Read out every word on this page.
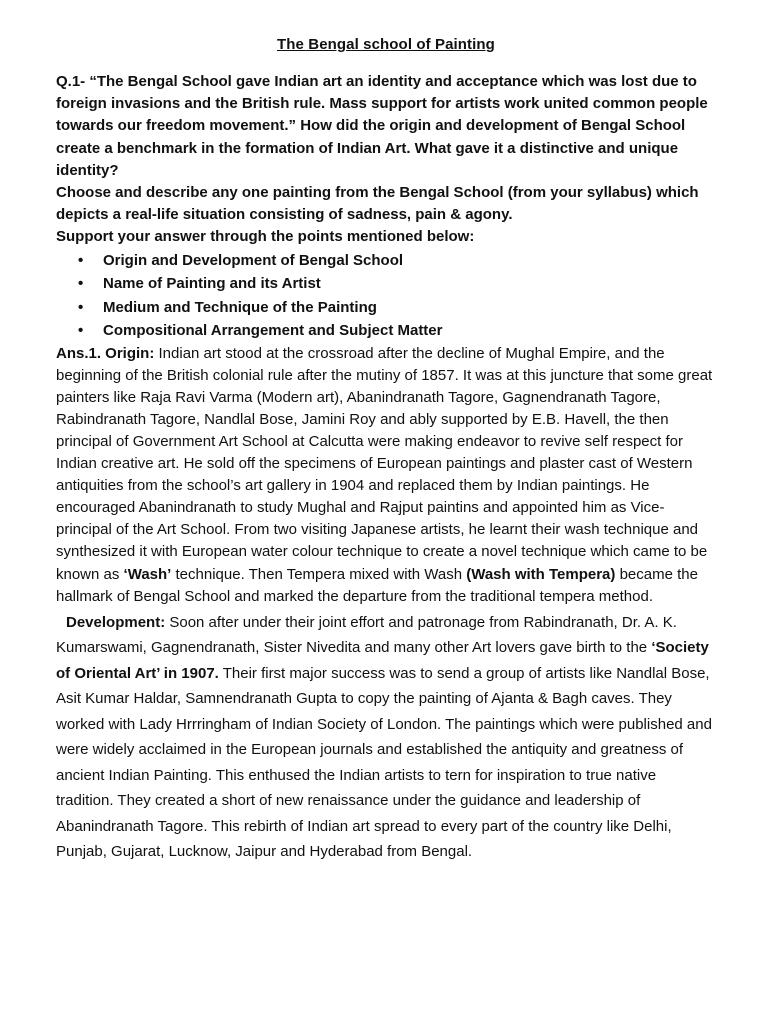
The Bengal school of Painting

Q.1- “The Bengal School gave Indian art an identity and acceptance which was lost due to foreign invasions and the British rule. Mass support for artists work united common people towards our freedom movement.” How did the origin and development of Bengal School create a benchmark in the formation of Indian Art. What gave it a distinctive and unique identity?

Choose and describe any one painting from the Bengal School (from your syllabus) which depicts a real-life situation consisting of sadness, pain & agony.

Support your answer through the points mentioned below:

• Origin and Development of Bengal School
• Name of Painting and its Artist
• Medium and Technique of the Painting
• Compositional Arrangement and Subject Matter

Ans.1. Origin: Indian art stood at the crossroad after the decline of Mughal Empire, and the beginning of the British colonial rule after the mutiny of 1857. It was at this juncture that some great painters like Raja Ravi Varma (Modern art), Abanindranath Tagore, Gagnendranath Tagore, Rabindranath Tagore, Nandlal Bose, Jamini Roy and ably supported by E.B. Havell, the then principal of Government Art School at Calcutta were making endeavor to revive self respect for Indian creative art. He sold off the specimens of European paintings and plaster cast of Western antiquities from the school’s art gallery in 1904 and replaced them by Indian paintings. He encouraged Abanindranath to study Mughal and Rajput paintins and appointed him as Vice-principal of the Art School. From two visiting Japanese artists, he learnt their wash technique and synthesized it with European water colour technique to create a novel technique which came to be known as ‘Wash’ technique. Then Tempera mixed with Wash (Wash with Tempera) became the hallmark of Bengal School and marked the departure from the traditional tempera method.

Development: Soon after under their joint effort and patronage from Rabindranath, Dr. A. K. Kumarswami, Gagnendranath, Sister Nivedita and many other Art lovers gave birth to the ‘Society of Oriental Art’ in 1907. Their first major success was to send a group of artists like Nandlal Bose, Asit Kumar Haldar, Samnendranath Gupta to copy the painting of Ajanta & Bagh caves. They worked with Lady Hrrringham of Indian Society of London. The paintings which were published and were widely acclaimed in the European journals and established the antiquity and greatness of ancient Indian Painting. This enthused the Indian artists to tern for inspiration to true native tradition. They created a short of new renaissance under the guidance and leadership of Abanindranath Tagore. This rebirth of Indian art spread to every part of the country like Delhi, Punjab, Gujarat, Lucknow, Jaipur and Hyderabad from Bengal.
